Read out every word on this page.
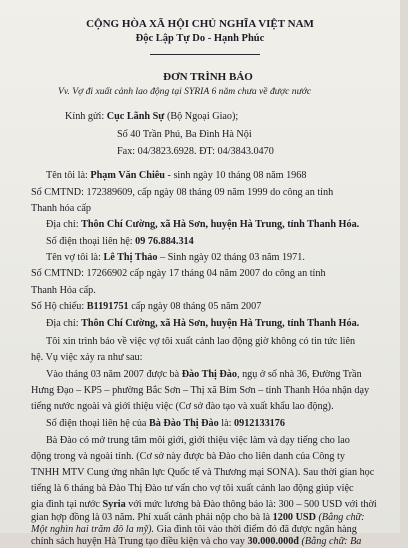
CỘNG HÒA XÃ HỘI CHỦ NGHĨA VIỆT NAM
Độc Lập Tự Do - Hạnh Phúc
ĐƠN TRÌNH BÁO
Vv. Vợ đi xuất cảnh lao động tại SYRIA 6 năm chưa về được nước
Kính gửi: Cục Lãnh Sự (Bộ Ngoại Giao);
Số 40 Trần Phú, Ba Đình Hà Nội
Fax: 04/3823.6928. ĐT: 04/3843.0470
Tên tôi là: Phạm Văn Chiêu - sinh ngày 10 tháng 08 năm 1968
Số CMTND: 172389609, cấp ngày 08 tháng 09 năm 1999 do công an tỉnh
Thanh hóa cấp
Địa chỉ: Thôn Chí Cường, xã Hà Sơn, huyện Hà Trung, tỉnh Thanh Hóa.
Số điện thoại liên hệ: 09 76.884.314
Tên vợ tôi là: Lê Thị Thảo – Sinh ngày 02 tháng 03 năm 1971.
Số CMTND: 17266902 cấp ngày 17 tháng 04 năm 2007 do công an tỉnh
Thanh Hóa cấp.
Số Hộ chiếu: B1191751 cấp ngày 08 tháng 05 năm 2007
Địa chỉ: Thôn Chí Cường, xã Hà Sơn, huyện Hà Trung, tỉnh Thanh Hóa.
Tôi xin trình báo về việc vợ tôi xuất cảnh lao động giờ không có tin tức liên
hệ. Vụ việc xảy ra như sau:
Vào tháng 03 năm 2007 được bà Đào Thị Đào, ngụ ở số nhà 36, Đường Trần
Hưng Đạo – KP5 – phường Bắc Sơn – Thị xã Bỉm Sơn – tỉnh Thanh Hóa nhận dạy
tiếng nước ngoài và giới thiệu việc (Cơ sở đào tạo và xuất khẩu lao động).
Số điện thoại liên hệ của Bà Đào Thị Đào là: 0912133176
Bà Đào có mở trung tâm môi giới, giới thiệu việc làm và dạy tiếng cho lao
động trong và ngoài tỉnh. (Cơ sở này được bà Đào cho liên danh của Công ty
TNHH MTV Cung ứng nhân lực Quốc tế và Thương mại SONA). Sau thời gian học
tiếng là 6 tháng bà Đào Thị Đào tư vấn cho vợ tôi xuất cảnh lao động giúp việc
gia đình tại nước Syria với mức lương bà Đào thông báo là: 300 – 500 USD với thời
gian hợp đồng là 03 năm. Phí xuất cảnh phải nộp cho bà là 1200 USD (Bằng chữ:
Một nghìn hai trăm đô la mỹ). Gia đình tôi vào thời điểm đó đã được ngân hàng
chính sách huyện Hà Trung tạo điều kiện và cho vay 30.000.000đ (Bằng chữ: Ba
